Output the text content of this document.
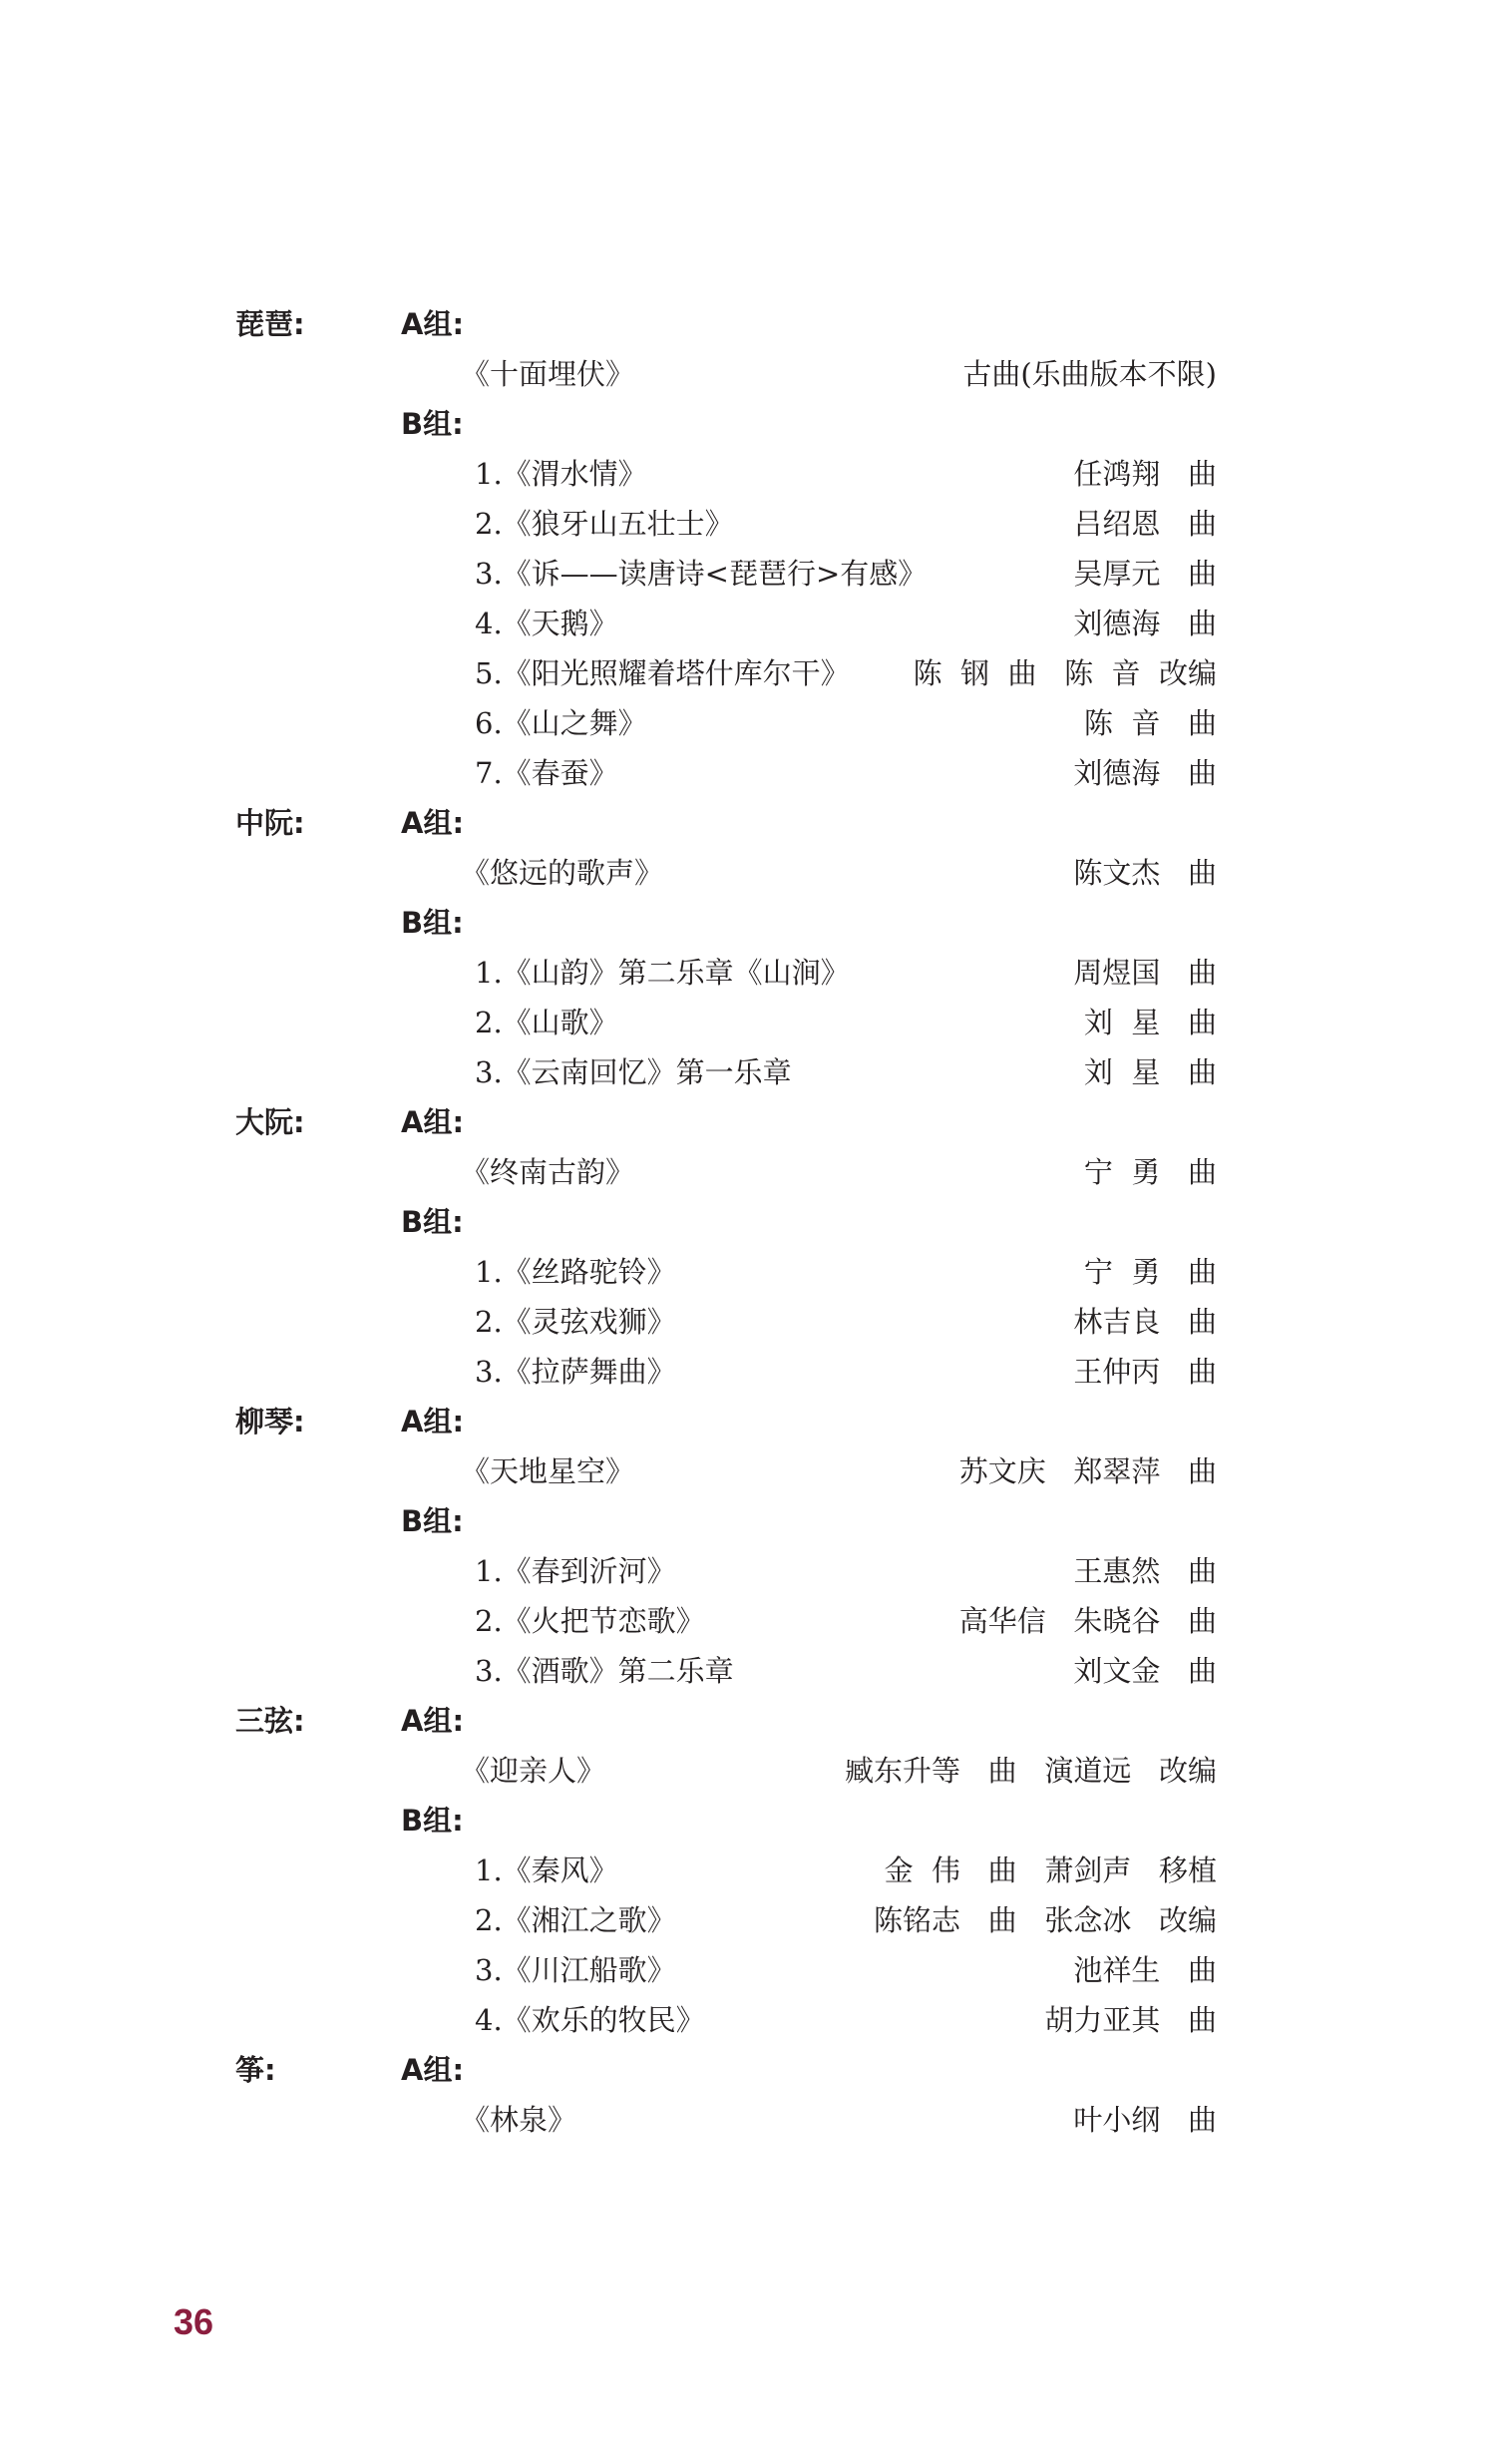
琵琶:	A组:
《十面埋伏》	古曲(乐曲版本不限)
B组:
1.《渭水情》	任鸿翔   曲
2.《狼牙山五壮士》	吕绍恩   曲
3.《诉——读唐诗<琵琶行>有感》	吴厚元   曲
4.《天鹅》	刘德海   曲
5.《阳光照耀着塔什库尔干》 陈  钢  曲   陈  音  改编
6.《山之舞》	陈  音   曲
7.《春蚕》	刘德海   曲
中阮:	A组:
《悠远的歌声》	陈文杰   曲
B组:
1.《山韵》第二乐章《山涧》	周煜国   曲
2.《山歌》	刘  星   曲
3.《云南回忆》第一乐章	刘  星   曲
大阮:	A组:
《终南古韵》	宁  勇   曲
B组:
1.《丝路驼铃》	宁  勇   曲
2.《灵弦戏狮》	林吉良   曲
3.《拉萨舞曲》	王仲丙   曲
柳琴:	A组:
《天地星空》	苏文庆   郑翠萍   曲
B组:
1.《春到沂河》	王惠然   曲
2.《火把节恋歌》	高华信   朱晓谷   曲
3.《酒歌》第二乐章	刘文金   曲
三弦:	A组:
《迎亲人》	臧东升等   曲   演道远   改编
B组:
1.《秦风》	金  伟   曲   萧剑声   移植
2.《湘江之歌》	陈铭志   曲   张念冰   改编
3.《川江船歌》	池祥生   曲
4.《欢乐的牧民》	胡力亚其   曲
筝:	A组:
《林泉》	叶小纲   曲
36
